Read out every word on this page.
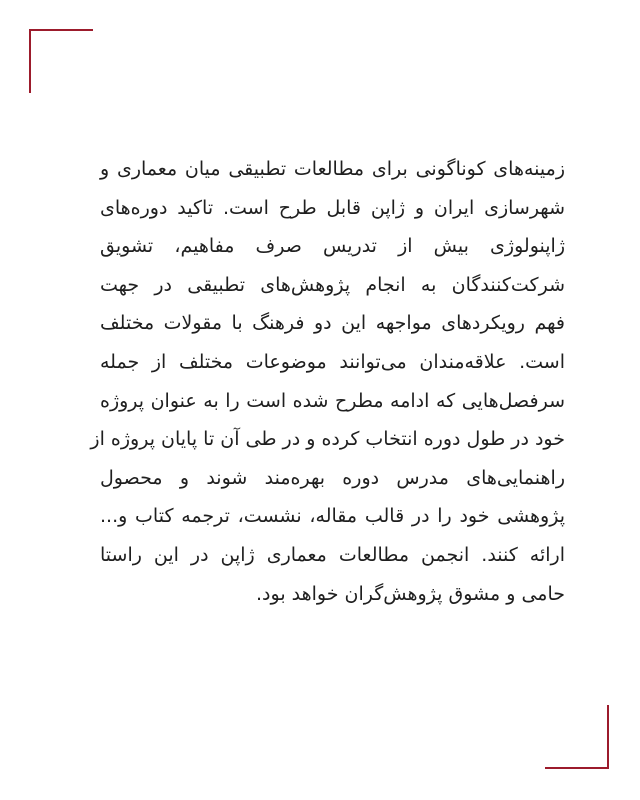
زمینه‌های کوناگونی برای مطالعات تطبیقی میان معماری و
شهرسازی ایران و ژاپن قابل طرح است. تاکید دوره‌های
ژاپنولوژی بیش از تدریس صرف مفاهیم، تشویق
شرکت‌کنندگان به انجام پژوهش‌های تطبیقی در جهت
فهم رویکردهای مواجهه این دو فرهنگ با مقولات مختلف
است. علاقه‌مندان می‌توانند موضوعات مختلف از جمله
سرفصل‌هایی که ادامه مطرح شده است را به عنوان پروژه
خود در طول دوره انتخاب کرده و در طی آن تا پایان پروژه از
راهنمایی‌های مدرس دوره بهره‌مند شوند و محصول
پژوهشی خود را در قالب مقاله، نشست، ترجمه کتاب و...
ارائه کنند. انجمن مطالعات معماری ژاپن در این راستا
حامی و مشوق پژوهش‌گران خواهد بود.
